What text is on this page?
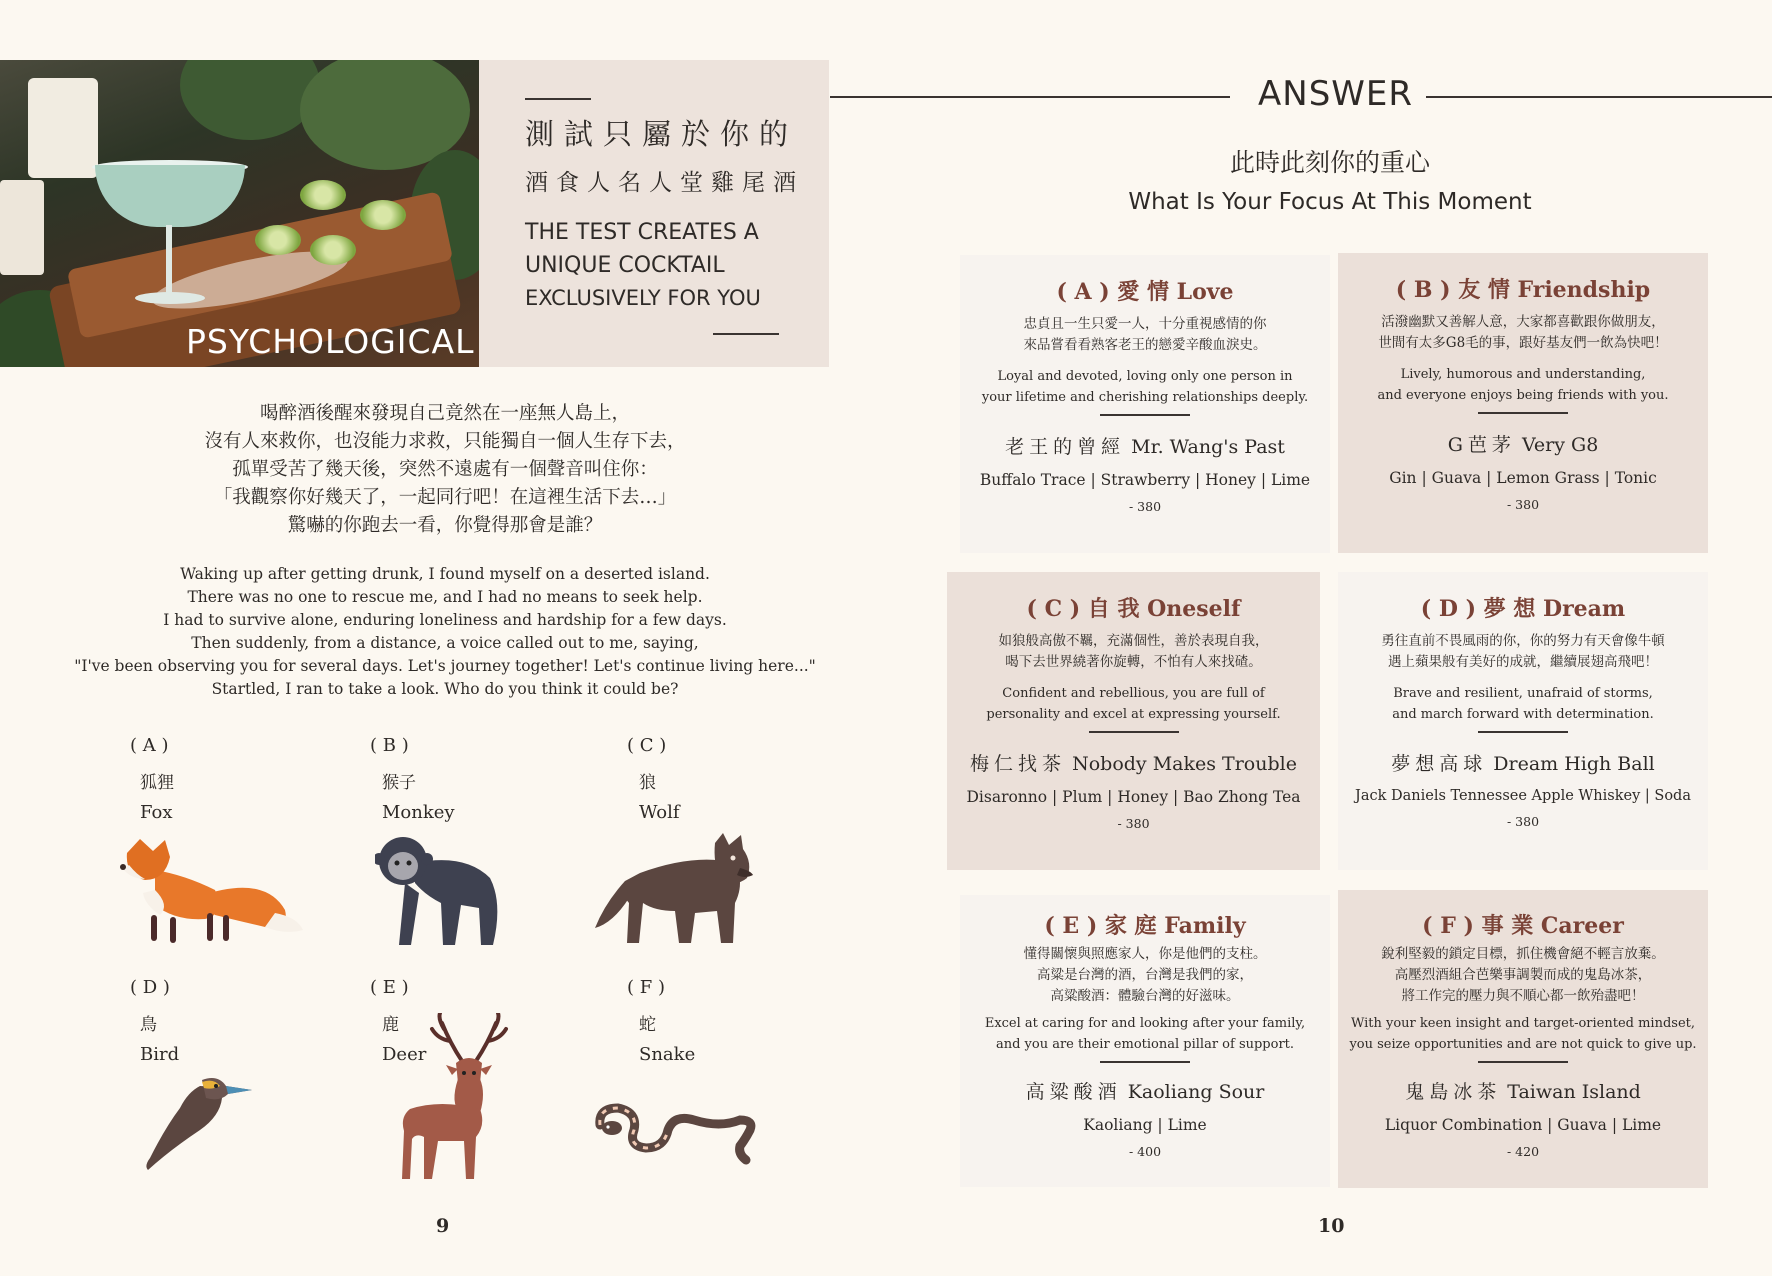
PSYCHOLOGICAL
測試只屬於你的
酒食人名人堂雞尾酒
THE TEST CREATES A
UNIQUE COCKTAIL
EXCLUSIVELY FOR YOU
喝醉酒後醒來發現自己竟然在一座無人島上，
沒有人來救你，也沒能力求救，只能獨自一個人生存下去，
孤單受苦了幾天後，突然不遠處有一個聲音叫住你：
「我觀察你好幾天了，一起同行吧！在這裡生活下去…」
驚嚇的你跑去一看，你覺得那會是誰？
Waking up after getting drunk, I found myself on a deserted island.
There was no one to rescue me, and I had no means to seek help.
I had to survive alone, enduring loneliness and hardship for a few days.
Then suddenly, from a distance, a voice called out to me, saying,
"I've been observing you for several days. Let's journey together! Let's continue living here..."
Startled, I ran to take a look. Who do you think it could be?
( A )
狐狸
Fox
( B )
猴子
Monkey
( C )
狼
Wolf
( D )
鳥
Bird
( E )
鹿
Deer
( F )
蛇
Snake
9
ANSWER
此時此刻你的重心
What Is Your Focus At This Moment
( A ) 愛 情 Love
忠貞且一生只愛一人，十分重視感情的你
來品嘗看看熟客老王的戀愛辛酸血淚史。
Loyal and devoted, loving only one person in
your lifetime and cherishing relationships deeply.
老王的曾經 Mr. Wang's Past
Buffalo Trace | Strawberry | Honey | Lime
- 380
( B ) 友 情 Friendship
活潑幽默又善解人意，大家都喜歡跟你做朋友，
世間有太多G8毛的事，跟好基友們一飲為快吧！
Lively, humorous and understanding,
and everyone enjoys being friends with you.
G芭茅 Very G8
Gin | Guava | Lemon Grass | Tonic
- 380
( C ) 自 我 Oneself
如狼般高傲不羈，充滿個性，善於表現自我，
喝下去世界繞著你旋轉，不怕有人來找碴。
Confident and rebellious, you are full of
personality and excel at expressing yourself.
梅仁找茶 Nobody Makes Trouble
Disaronno | Plum | Honey | Bao Zhong Tea
- 380
( D ) 夢 想 Dream
勇往直前不畏風雨的你，你的努力有天會像牛頓
遇上蘋果般有美好的成就，繼續展翅高飛吧！
Brave and resilient, unafraid of storms,
and march forward with determination.
夢想高球 Dream High Ball
Jack Daniels Tennessee Apple Whiskey | Soda
- 380
( E ) 家 庭 Family
懂得關懷與照應家人，你是他們的支柱。
高粱是台灣的酒，台灣是我們的家，
高粱酸酒：體驗台灣的好滋味。
Excel at caring for and looking after your family,
and you are their emotional pillar of support.
高粱酸酒 Kaoliang Sour
Kaoliang | Lime
- 400
( F ) 事 業 Career
銳利堅毅的鎖定目標，抓住機會絕不輕言放棄。
高壓烈酒組合芭樂事調製而成的鬼島冰茶，
將工作完的壓力與不順心都一飲殆盡吧！
With your keen insight and target-oriented mindset,
you seize opportunities and are not quick to give up.
鬼島冰茶 Taiwan Island
Liquor Combination | Guava | Lime
- 420
10
